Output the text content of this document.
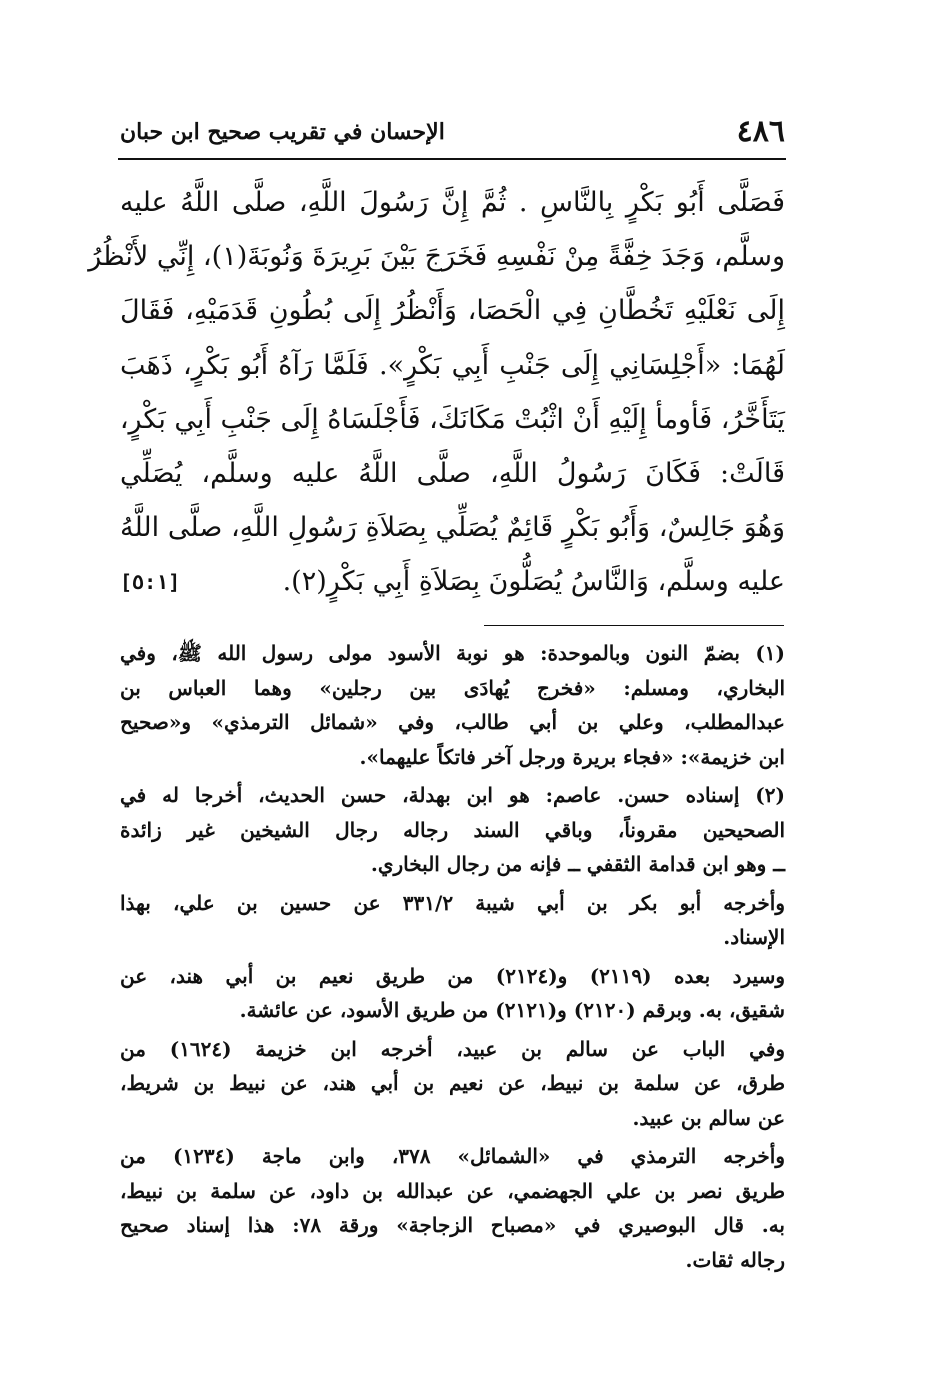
٤٨٦
الإحسان في تقريب صحيح ابن حبان
فَصَلَّى أَبُو بَكْرٍ بِالنَّاسِ . ثُمَّ إِنَّ رَسُولَ اللَّهِ، صلَّى اللَّهُ عليه
وسلَّم، وَجَدَ خِفَّةً مِنْ نَفْسِهِ فَخَرَجَ بَيْنَ بَرِيرَةَ وَنُوبَةَ(١)، إِنِّي لأَنْظُرُ
إِلَى نَعْلَيْهِ تَخُطَّانِ فِي الْحَصَا، وَأَنْظُرُ إِلَى بُطُونِ قَدَمَيْهِ، فَقَالَ
لَهُمَا: «أَجْلِسَانِي إِلَى جَنْبِ أَبِي بَكْرٍ». فَلَمَّا رَآهُ أَبُو بَكْرٍ، ذَهَبَ
يَتَأَخَّرُ، فَأومأ إِلَيْهِ أَنْ اثْبُتْ مَكَانَكَ، فَأَجْلَسَاهُ إِلَى جَنْبِ أَبِي بَكْرٍ،
قَالَتْ: فَكَانَ رَسُولُ اللَّهِ، صلَّى اللَّهُ عليه وسلَّم، يُصَلِّي
وَهُوَ جَالِسٌ، وَأَبُو بَكْرٍ قَائِمٌ يُصَلِّي بِصَلاَةِ رَسُولِ اللَّهِ، صلَّى اللَّهُ
عليه وسلَّم، وَالنَّاسُ يُصَلُّونَ بِصَلاَةِ أَبِي بَكْرٍ(٢).
[٥:١]
(١) بضمّ النون وبالموحدة: هو نوبة الأسود مولى رسول الله ﷺ، وفي
البخاري، ومسلم: «فخرج يُهادَى بين رجلين» وهما العباس بن
عبدالمطلب، وعلي بن أبي طالب، وفي «شمائل الترمذي» و«صحيح
ابن خزيمة»: «فجاء بريرة ورجل آخر فاتكاً عليهما».
(٢) إسناده حسن. عاصم: هو ابن بهدلة، حسن الحديث، أخرجا له في
الصحيحين مقروناً، وباقي السند رجاله رجال الشيخين غير زائدة
ــ وهو ابن قدامة الثقفي ــ فإنه من رجال البخاري.
وأخرجه أبو بكر بن أبي شيبة ٣٣١/٢ عن حسين بن علي، بهذا
الإسناد.
وسيرد بعده (٢١١٩) و(٢١٢٤) من طريق نعيم بن أبي هند، عن
شقيق، به. وبرقم (٢١٢٠) و(٢١٢١) من طريق الأسود، عن عائشة.
وفي الباب عن سالم بن عبيد، أخرجه ابن خزيمة (١٦٢٤) من
طرق، عن سلمة بن نبيط، عن نعيم بن أبي هند، عن نبيط بن شريط،
عن سالم بن عبيد.
وأخرجه الترمذي في «الشمائل» ٣٧٨، وابن ماجة (١٢٣٤) من
طريق نصر بن علي الجهضمي، عن عبدالله بن داود، عن سلمة بن نبيط،
به. قال البوصيري في «مصباح الزجاجة» ورقة ٧٨: هذا إسناد صحيح
رجاله ثقات.
